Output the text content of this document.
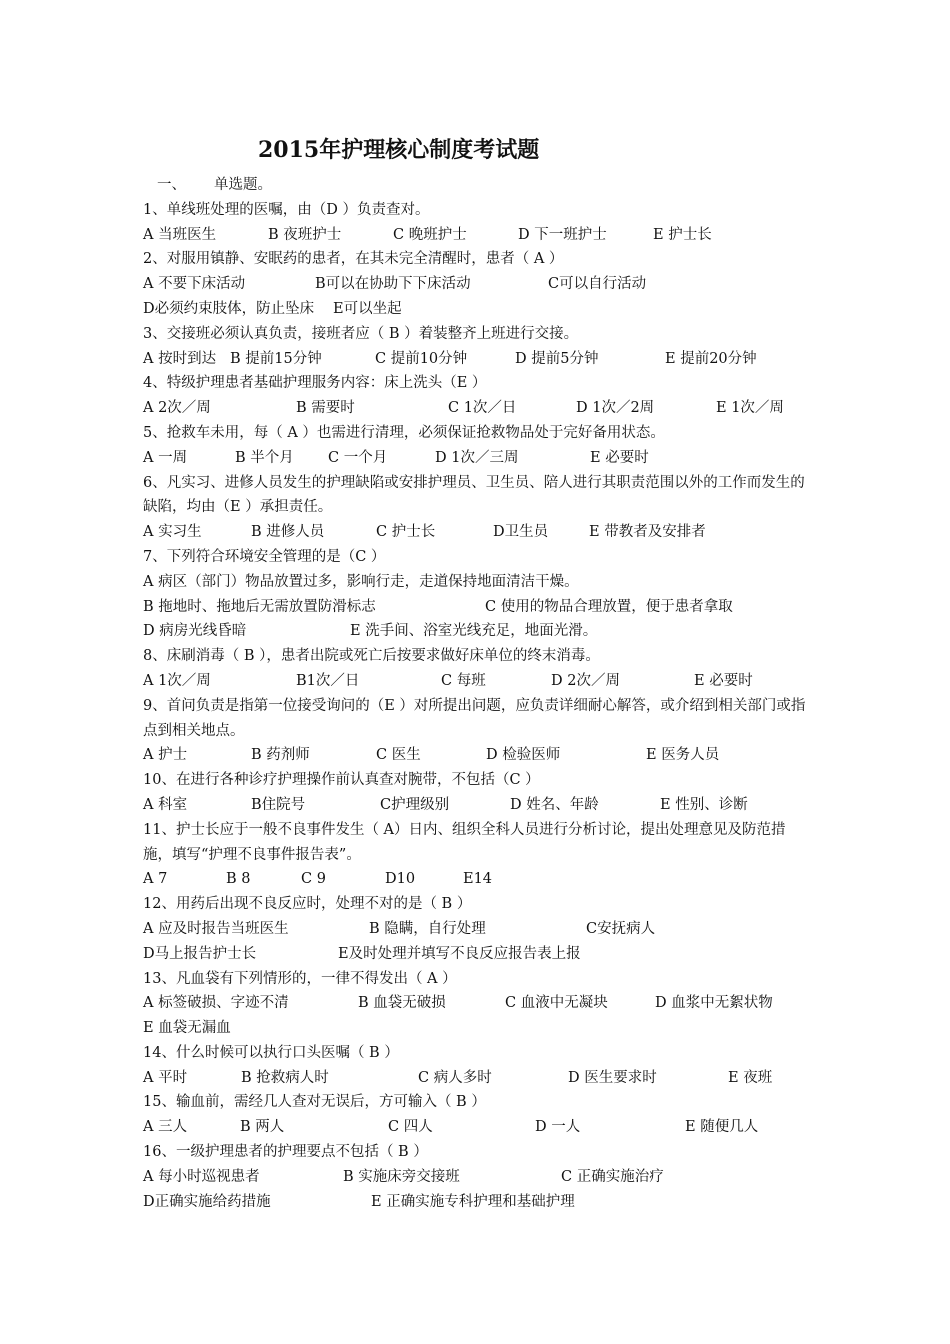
2015年护理核心制度考试题
一、 单选题。
1、单线班处理的医嘱，由（D ）负责查对。
A 当班医生	B 夜班护士	C 晚班护士	D 下一班护士	E 护士长
2、对服用镇静、安眠药的患者，在其未完全清醒时，患者（ A ）
A 不要下床活动	B可以在协助下下床活动	C可以自行活动
D必须约束肢体，防止坠床 E可以坐起
3、交接班必须认真负责，接班者应（ B ）着装整齐上班进行交接。
A 按时到达 B 提前15分钟	C 提前10分钟	D 提前5分钟	E 提前20分钟
4、特级护理患者基础护理服务内容：床上洗头（E ）
A 2次／周	B 需要时	C 1次／日	D 1次／2周	E 1次／周
5、抢救车未用，每（ A ）也需进行清理，必须保证抢救物品处于完好备用状态。
A 一周	B 半个月 C 一个月	D 1次／三周	E 必要时
6、凡实习、进修人员发生的护理缺陷或安排护理员、卫生员、陪人进行其职责范围以外的工作而发生的缺陷，均由（E ）承担责任。
A 实习生	B 进修人员	C 护士长	D卫生员	E 带教者及安排者
7、下列符合环境安全管理的是（C ）
A 病区（部门）物品放置过多，影响行走，走道保持地面清洁干燥。
B 拖地时、拖地后无需放置防滑标志	C 使用的物品合理放置，便于患者拿取
D 病房光线昏暗	E 洗手间、浴室光线充足，地面光滑。
8、床刷消毒（ B ），患者出院或死亡后按要求做好床单位的终末消毒。
A 1次／周	B1次／日	C 每班	D 2次／周	E 必要时
9、首问负责是指第一位接受询问的（E ）对所提出问题，应负责详细耐心解答，或介绍到相关部门或指点到相关地点。
A 护士	B 药剂师	C 医生	D 检验医师	E 医务人员
10、在进行各种诊疗护理操作前认真查对腕带，不包括（C ）
A 科室	B住院号	C护理级别	D 姓名、年龄	E 性别、诊断
11、护士长应于一般不良事件发生（ A）日内、组织全科人员进行分析讨论，提出处理意见及防范措施，填写“护理不良事件报告表”。
A 7	B 8	C 9	D10	E14
12、用药后出现不良反应时，处理不对的是（ B ）
A 应及时报告当班医生	B 隐瞒，自行处理	C安抚病人
D马上报告护士长	E及时处理并填写不良反应报告表上报
13、凡血袋有下列情形的，一律不得发出（ A ）
A 标签破损、字迹不清	B 血袋无破损	C 血液中无凝块	D 血浆中无絮状物
E 血袋无漏血
14、什么时候可以执行口头医嘱（ B ）
A 平时	B 抢救病人时	C 病人多时	D 医生要求时	E 夜班
15、输血前，需经几人查对无误后，方可输入（ B ）
A 三人	B 两人	C 四人	D 一人	E 随便几人
16、一级护理患者的护理要点不包括（ B ）
A 每小时巡视患者	B 实施床旁交接班	C 正确实施治疗
D正确实施给药措施	E 正确实施专科护理和基础护理
